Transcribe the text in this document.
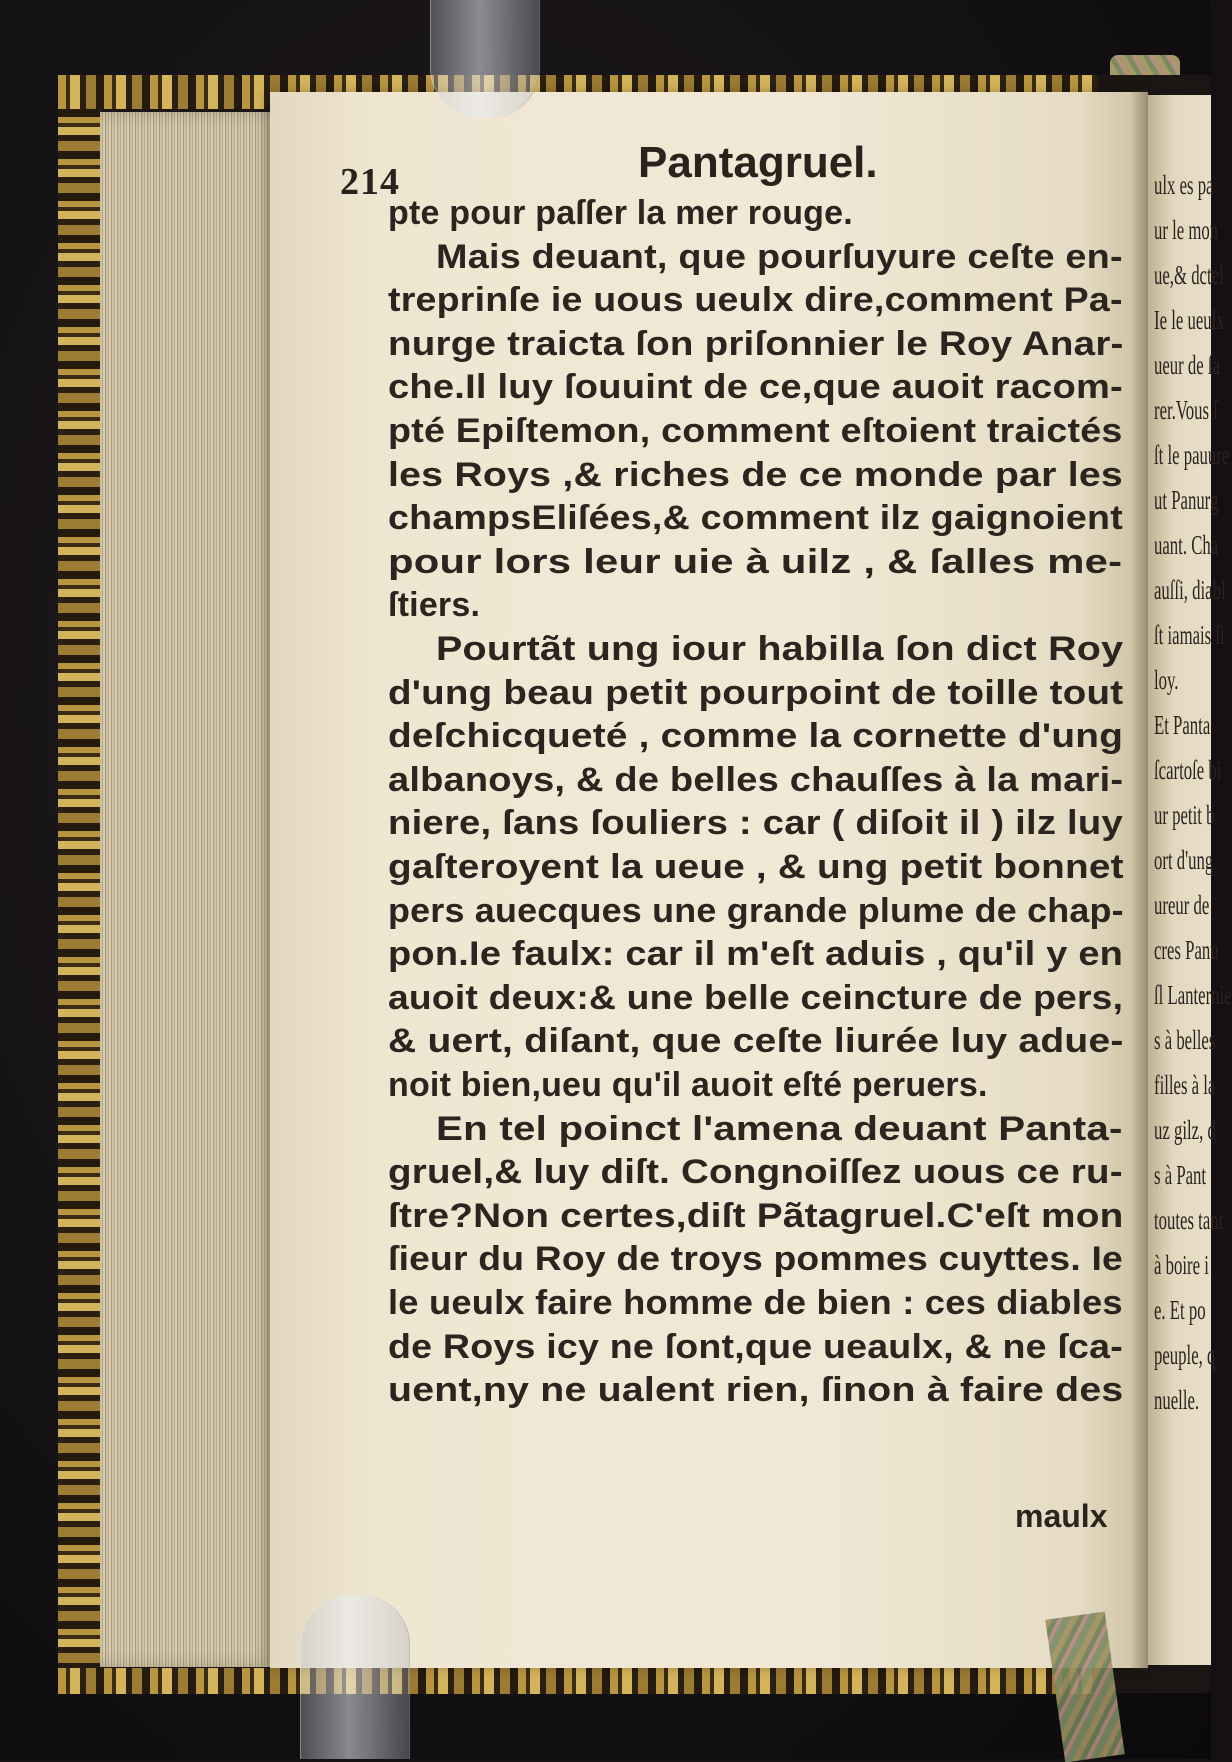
ulx es pa
ur le mon
ue,& dctel
Ie le ueulx
ueur de ſa
rer.Vous ſ
ſt le pauure
ut Panurg
uant. Cha
auſſi, diabl
ſt iamais ſi
loy.
Et Panta
ſcartoſe bi
ur petit b
ort d'ung
ureur de
cres Panu
ſl Lanternie
s à belles
filles à la
uz gilz, d
s à Pant
toutes tant
à boire i
e. Et po
peuple, q
nuelle.
214	Pantagruel.
pte pour paſſer la mer rouge.
Mais deuant, que pourſuyure ceſte en-
treprinſe ie uous ueulx dire,comment Pa-
nurge traicta ſon priſonnier le Roy Anar-
che.Il luy ſouuint de ce,que auoit racom-
pté Epiſtemon, comment eſtoient traictés
les Roys ,& riches de ce monde par les
champsEliſées,& comment ilz gaignoient
pour lors leur uie à uilz , & ſalles me-
ſtiers.
Pourtãt ung iour habilla ſon dict Roy
d'ung beau petit pourpoint de toille tout
deſchicqueté , comme la cornette d'ung
albanoys, & de belles chauſſes à la mari-
niere, ſans ſouliers : car ( diſoit il ) ilz luy
gaſteroyent la ueue , & ung petit bonnet
pers auecques une grande plume de chap-
pon.Ie faulx: car il m'eſt aduis , qu'il y en
auoit deux:& une belle ceincture de pers,
& uert, diſant, que ceſte liurée luy adue-
noit bien,ueu qu'il auoit eſté peruers.
En tel poinct l'amena deuant Panta-
gruel,& luy diſt. Congnoiſſez uous ce ru-
ſtre?Non certes,diſt Pãtagruel.C'eſt mon
ſieur du Roy de troys pommes cuyttes. Ie
le ueulx faire homme de bien : ces diables
de Roys icy ne ſont,que ueaulx, & ne ſca-
uent,ny ne ualent rien, ſinon à faire des
maulx
